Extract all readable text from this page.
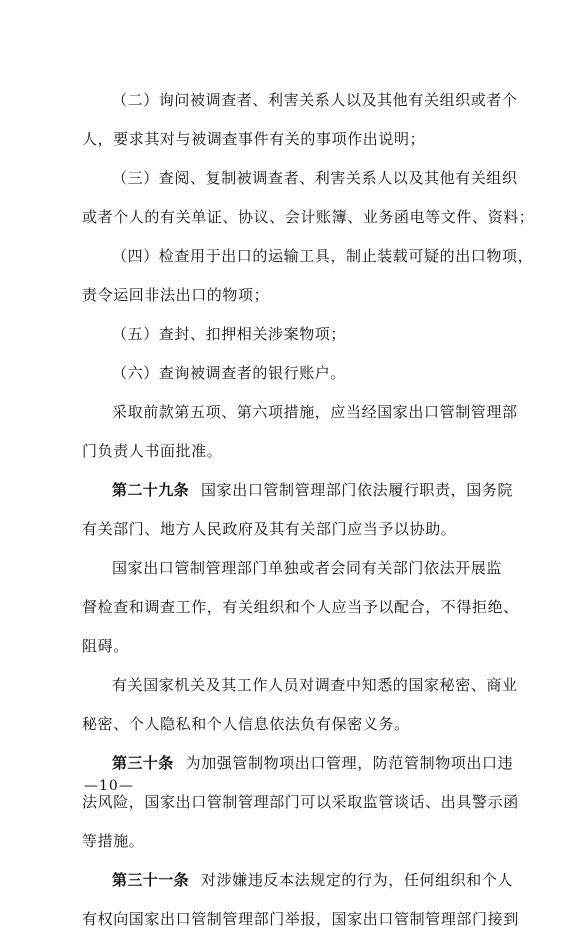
（二）询问被调查者、利害关系人以及其他有关组织或者个

人，要求其对与被调查事件有关的事项作出说明；

（三）查阅、复制被调查者、利害关系人以及其他有关组织

或者个人的有关单证、协议、会计账簿、业务函电等文件、资料；

（四）检查用于出口的运输工具，制止装载可疑的出口物项，

责令运回非法出口的物项；

（五）查封、扣押相关涉案物项；

（六）查询被调查者的银行账户。

采取前款第五项、第六项措施，应当经国家出口管制管理部

门负责人书面批准。

第二十九条 国家出口管制管理部门依法履行职责，国务院

有关部门、地方人民政府及其有关部门应当予以协助。

国家出口管制管理部门单独或者会同有关部门依法开展监

督检查和调查工作，有关组织和个人应当予以配合，不得拒绝、

阻碍。

有关国家机关及其工作人员对调查中知悉的国家秘密、商业

秘密、个人隐私和个人信息依法负有保密义务。

第三十条 为加强管制物项出口管理，防范管制物项出口违

法风险，国家出口管制管理部门可以采取监管谈话、出具警示函

等措施。

第三十一条 对涉嫌违反本法规定的行为，任何组织和个人

有权向国家出口管制管理部门举报，国家出口管制管理部门接到

—10—
